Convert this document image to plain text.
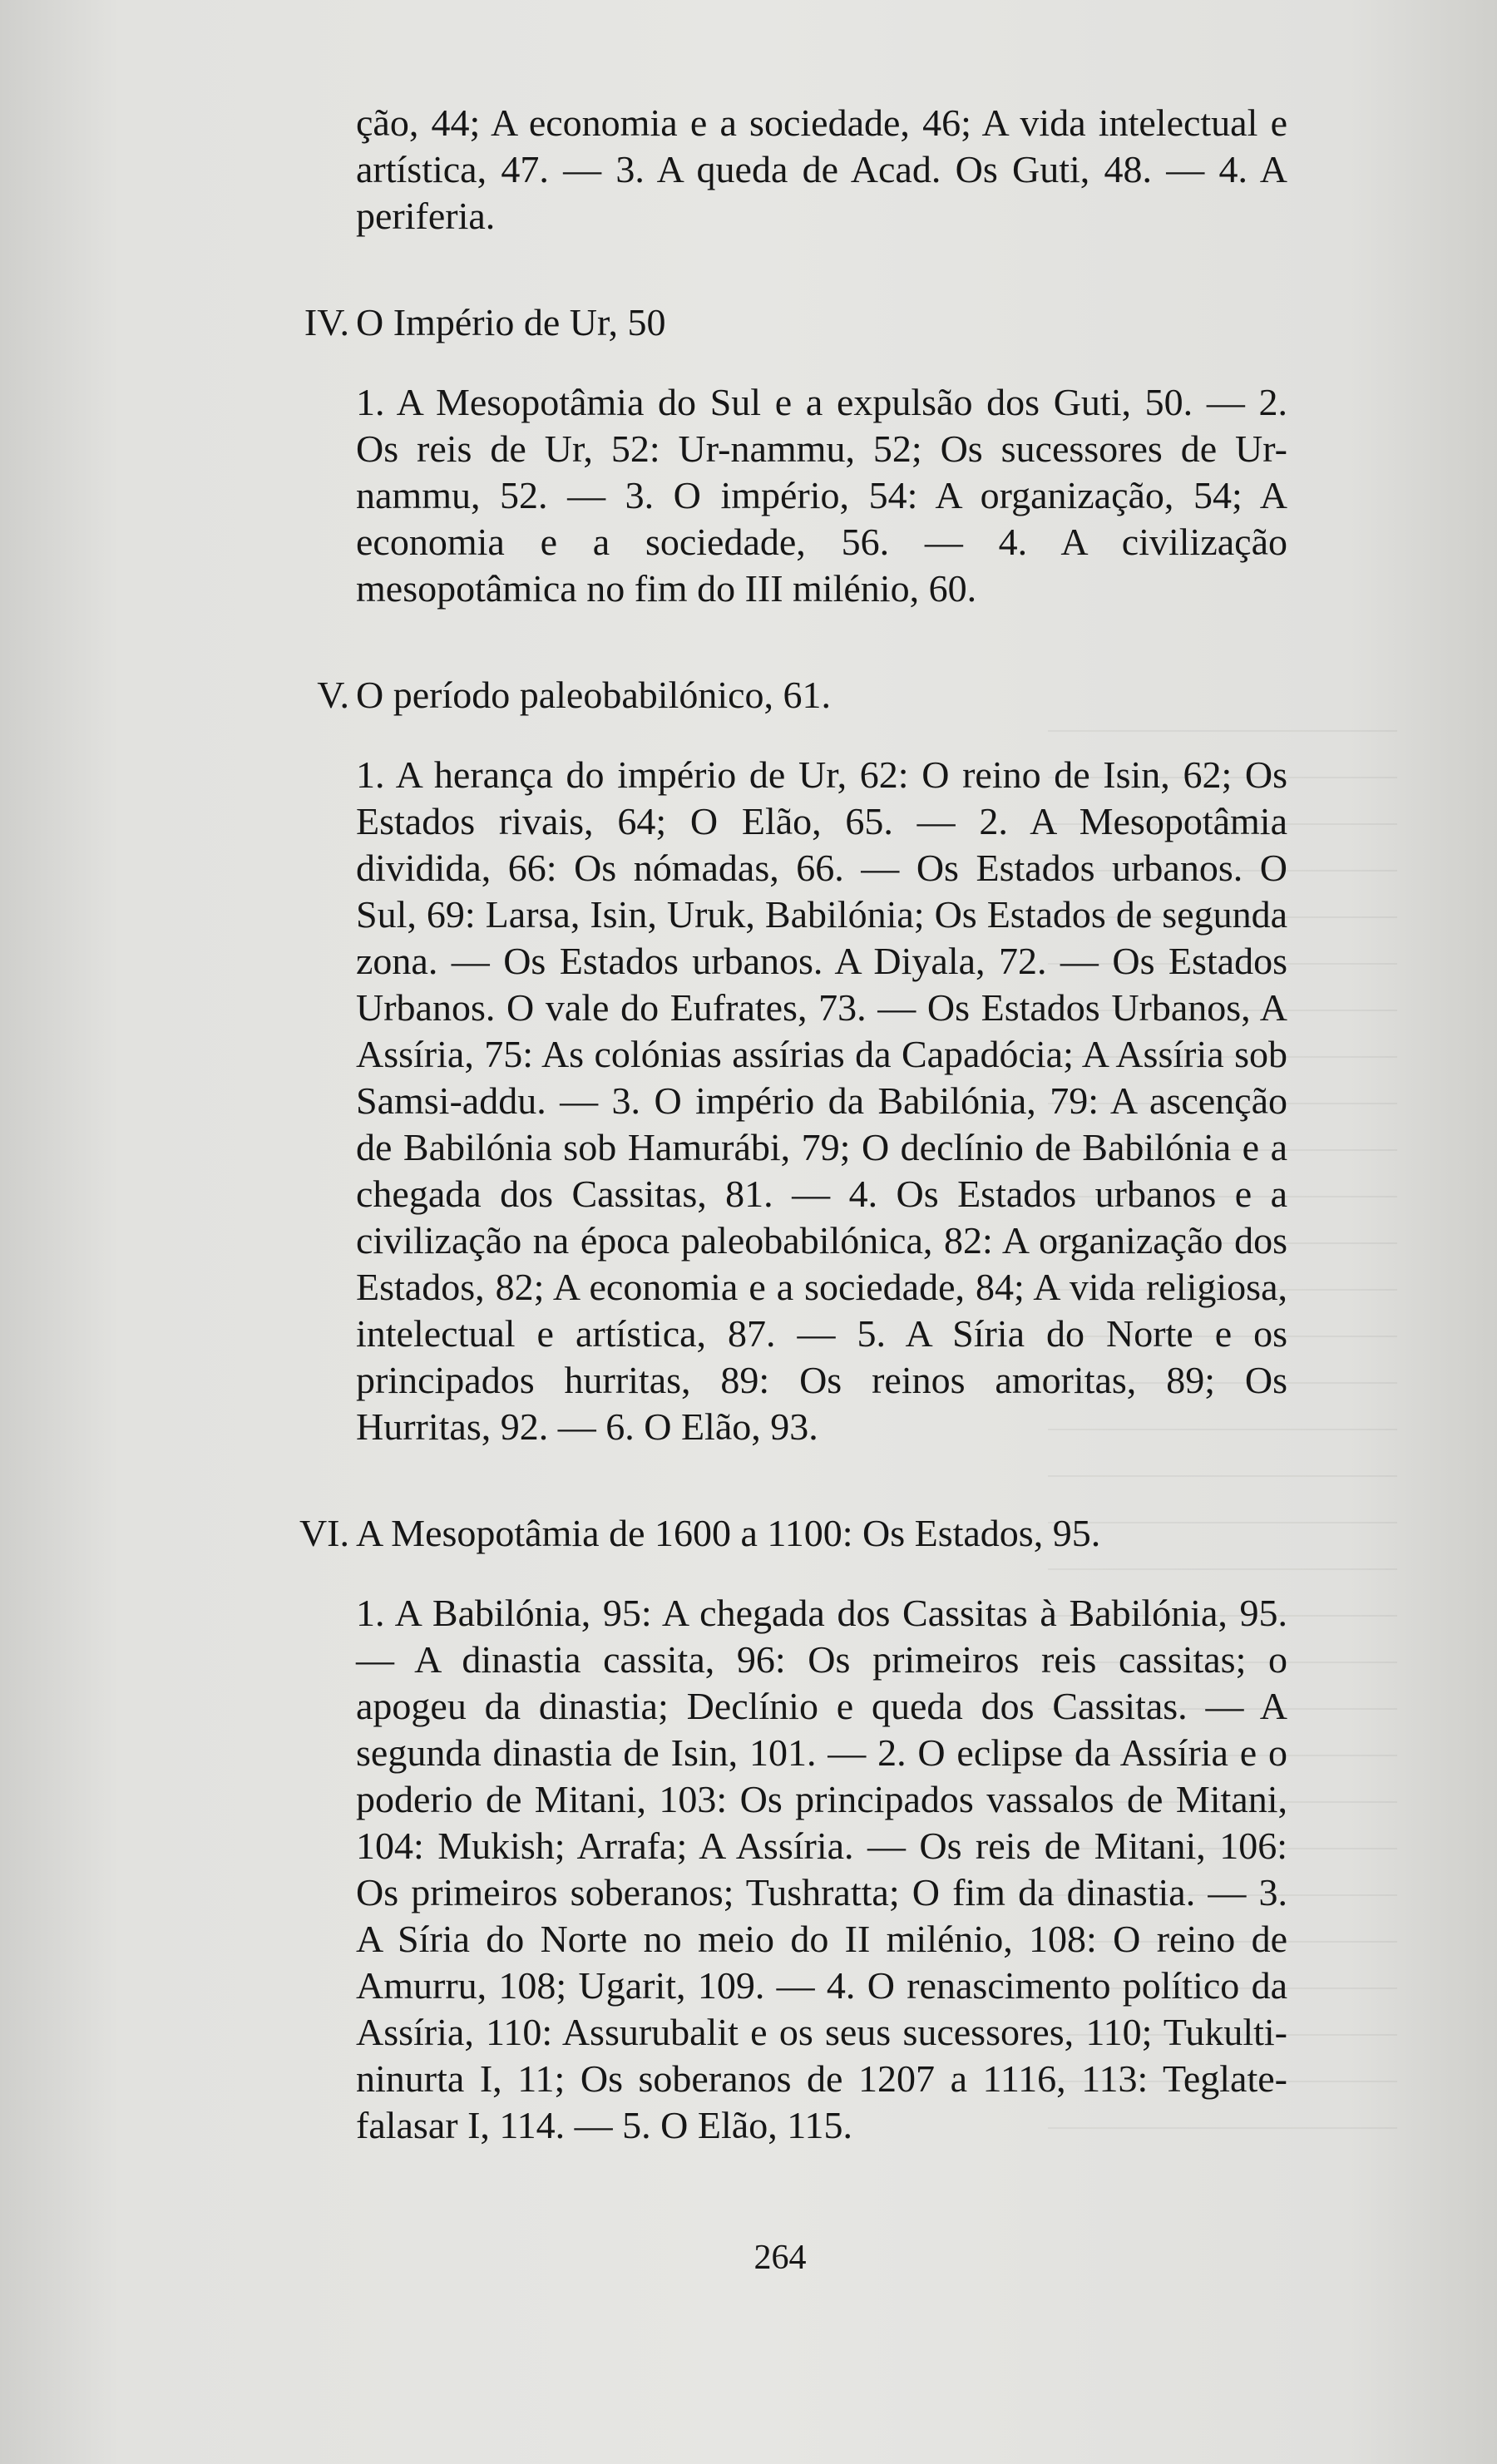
ção, 44; A economia e a sociedade, 46; A vida intelectual e artística, 47. — 3. A queda de Acad. Os Guti, 48. — 4. A periferia.

IV. O Império de Ur, 50

1. A Mesopotâmia do Sul e a expulsão dos Guti, 50. — 2. Os reis de Ur, 52: Ur-nammu, 52; Os sucessores de Ur-nammu, 52. — 3. O império, 54: A organização, 54; A economia e a sociedade, 56. — 4. A civilização mesopotâmica no fim do III milénio, 60.

V. O período paleobabilónico, 61.

1. A herança do império de Ur, 62: O reino de Isin, 62; Os Estados rivais, 64; O Elão, 65. — 2. A Mesopotâmia dividida, 66: Os nómadas, 66. — Os Estados urbanos. O Sul, 69: Larsa, Isin, Uruk, Babilónia; Os Estados de segunda zona. — Os Estados urbanos. A Diyala, 72. — Os Estados Urbanos. O vale do Eufrates, 73. — Os Estados Urbanos, A Assíria, 75: As colónias assírias da Capadócia; A Assíria sob Samsi-addu. — 3. O império da Babilónia, 79: A ascenção de Babilónia sob Hamurábi, 79; O declínio de Babilónia e a chegada dos Cassitas, 81. — 4. Os Estados urbanos e a civilização na época paleobabilónica, 82: A organização dos Estados, 82; A economia e a sociedade, 84; A vida religiosa, intelectual e artística, 87. — 5. A Síria do Norte e os principados hurritas, 89: Os reinos amoritas, 89; Os Hurritas, 92. — 6. O Elão, 93.

VI. A Mesopotâmia de 1600 a 1100: Os Estados, 95.

1. A Babilónia, 95: A chegada dos Cassitas à Babilónia, 95. — A dinastia cassita, 96: Os primeiros reis cassitas; o apogeu da dinastia; Declínio e queda dos Cassitas. — A segunda dinastia de Isin, 101. — 2. O eclipse da Assíria e o poderio de Mitani, 103: Os principados vassalos de Mitani, 104: Mukish; Arrafa; A Assíria. — Os reis de Mitani, 106: Os primeiros soberanos; Tushratta; O fim da dinastia. — 3. A Síria do Norte no meio do II milénio, 108: O reino de Amurru, 108; Ugarit, 109. — 4. O renascimento político da Assíria, 110: Assurubalit e os seus sucessores, 110; Tukulti-ninurta I, 11; Os soberanos de 1207 a 1116, 113: Teglate-falasar I, 114. — 5. O Elão, 115.

264
